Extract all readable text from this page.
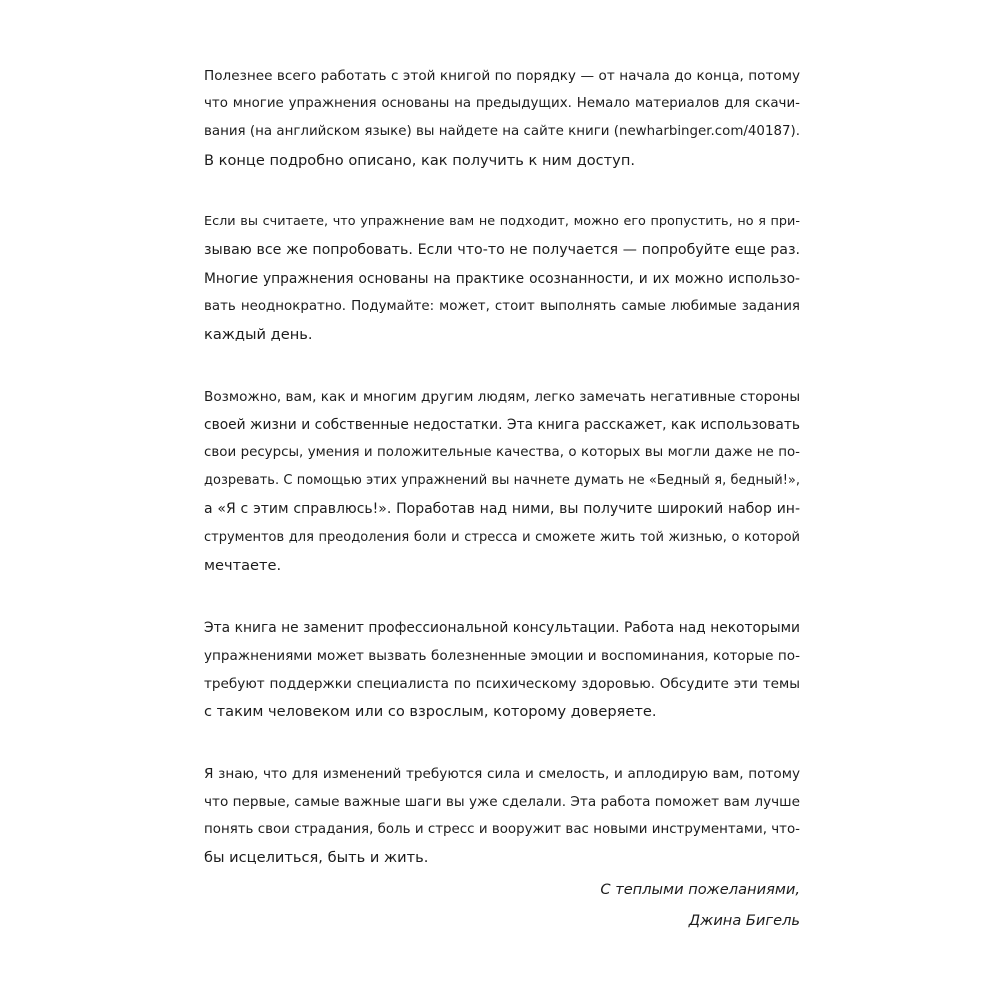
Полезнее всего работать с этой книгой по порядку — от начала до конца, потому
что многие упражнения основаны на предыдущих. Немало материалов для скачи-
вания (на английском языке) вы найдете на сайте книги (newharbinger.com/40187).
В конце подробно описано, как получить к ним доступ.
Если вы считаете, что упражнение вам не подходит, можно его пропустить, но я при-
зываю все же попробовать. Если что-то не получается — попробуйте еще раз.
Многие упражнения основаны на практике осознанности, и их можно использо-
вать неоднократно. Подумайте: может, стоит выполнять самые любимые задания
каждый день.
Возможно, вам, как и многим другим людям, легко замечать негативные стороны
своей жизни и собственные недостатки. Эта книга расскажет, как использовать
свои ресурсы, умения и положительные качества, о которых вы могли даже не по-
дозревать. С помощью этих упражнений вы начнете думать не «Бедный я, бедный!»,
а «Я с этим справлюсь!». Поработав над ними, вы получите широкий набор ин-
струментов для преодоления боли и стресса и сможете жить той жизнью, о которой
мечтаете.
Эта книга не заменит профессиональной консультации. Работа над некоторыми
упражнениями может вызвать болезненные эмоции и воспоминания, которые по-
требуют поддержки специалиста по психическому здоровью. Обсудите эти темы
с таким человеком или со взрослым, которому доверяете.
Я знаю, что для изменений требуются сила и смелость, и аплодирую вам, потому
что первые, самые важные шаги вы уже сделали. Эта работа поможет вам лучше
понять свои страдания, боль и стресс и вооружит вас новыми инструментами, что-
бы исцелиться, быть и жить.
С теплыми пожеланиями,
Джина Бигель
